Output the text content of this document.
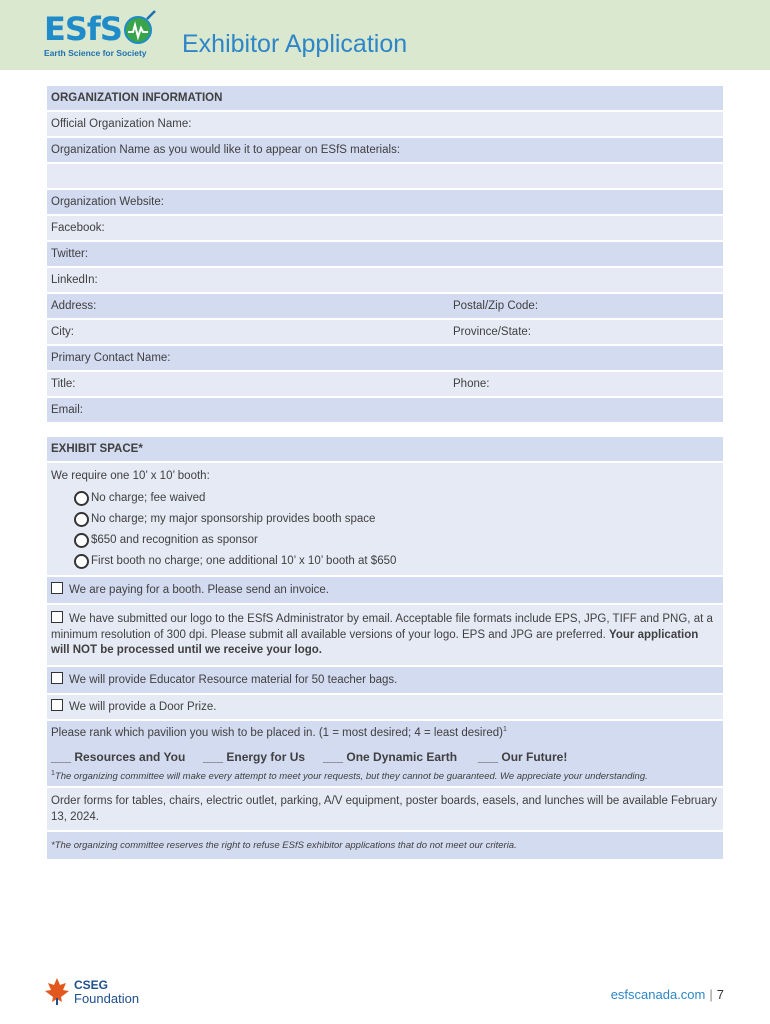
ESfS
Earth Science for Society Exhibitor Application
ORGANIZATION INFORMATION
Official Organization Name:
Organization Name as you would like it to appear on ESfS materials:
Organization Website:
Facebook:
Twitter:
LinkedIn:
Address:	Postal/Zip Code:
City:	Province/State:
Primary Contact Name:
Title:	Phone:
Email:
EXHIBIT SPACE*
We require one 10’ x 10’ booth:
No charge; fee waived
No charge; my major sponsorship provides booth space
$650 and recognition as sponsor
First booth no charge; one additional 10’ x 10’ booth at $650
We are paying for a booth. Please send an invoice.
We have submitted our logo to the ESfS Administrator by email. Acceptable file formats include EPS, JPG, TIFF and PNG, at a minimum resolution of 300 dpi. Please submit all available versions of your logo. EPS and JPG are preferred. Your application will NOT be processed until we receive your logo.
We will provide Educator Resource material for 50 teacher bags.
We will provide a Door Prize.
Please rank which pavilion you wish to be placed in. (1 = most desired; 4 = least desired)$^1$
___ Resources and You ___ Energy for Us ___ One Dynamic Earth ___ Our Future!
$^1$The organizing committee will make every attempt to meet your requests, but they cannot be guaranteed. We appreciate your understanding.
Order forms for tables, chairs, electric outlet, parking, A/V equipment, poster boards, easels, and lunches will be available February 13, 2024.
*The organizing committee reserves the right to refuse ESfS exhibitor applications that do not meet our criteria.
CSEG
Foundation	esfscanada.com | 7
